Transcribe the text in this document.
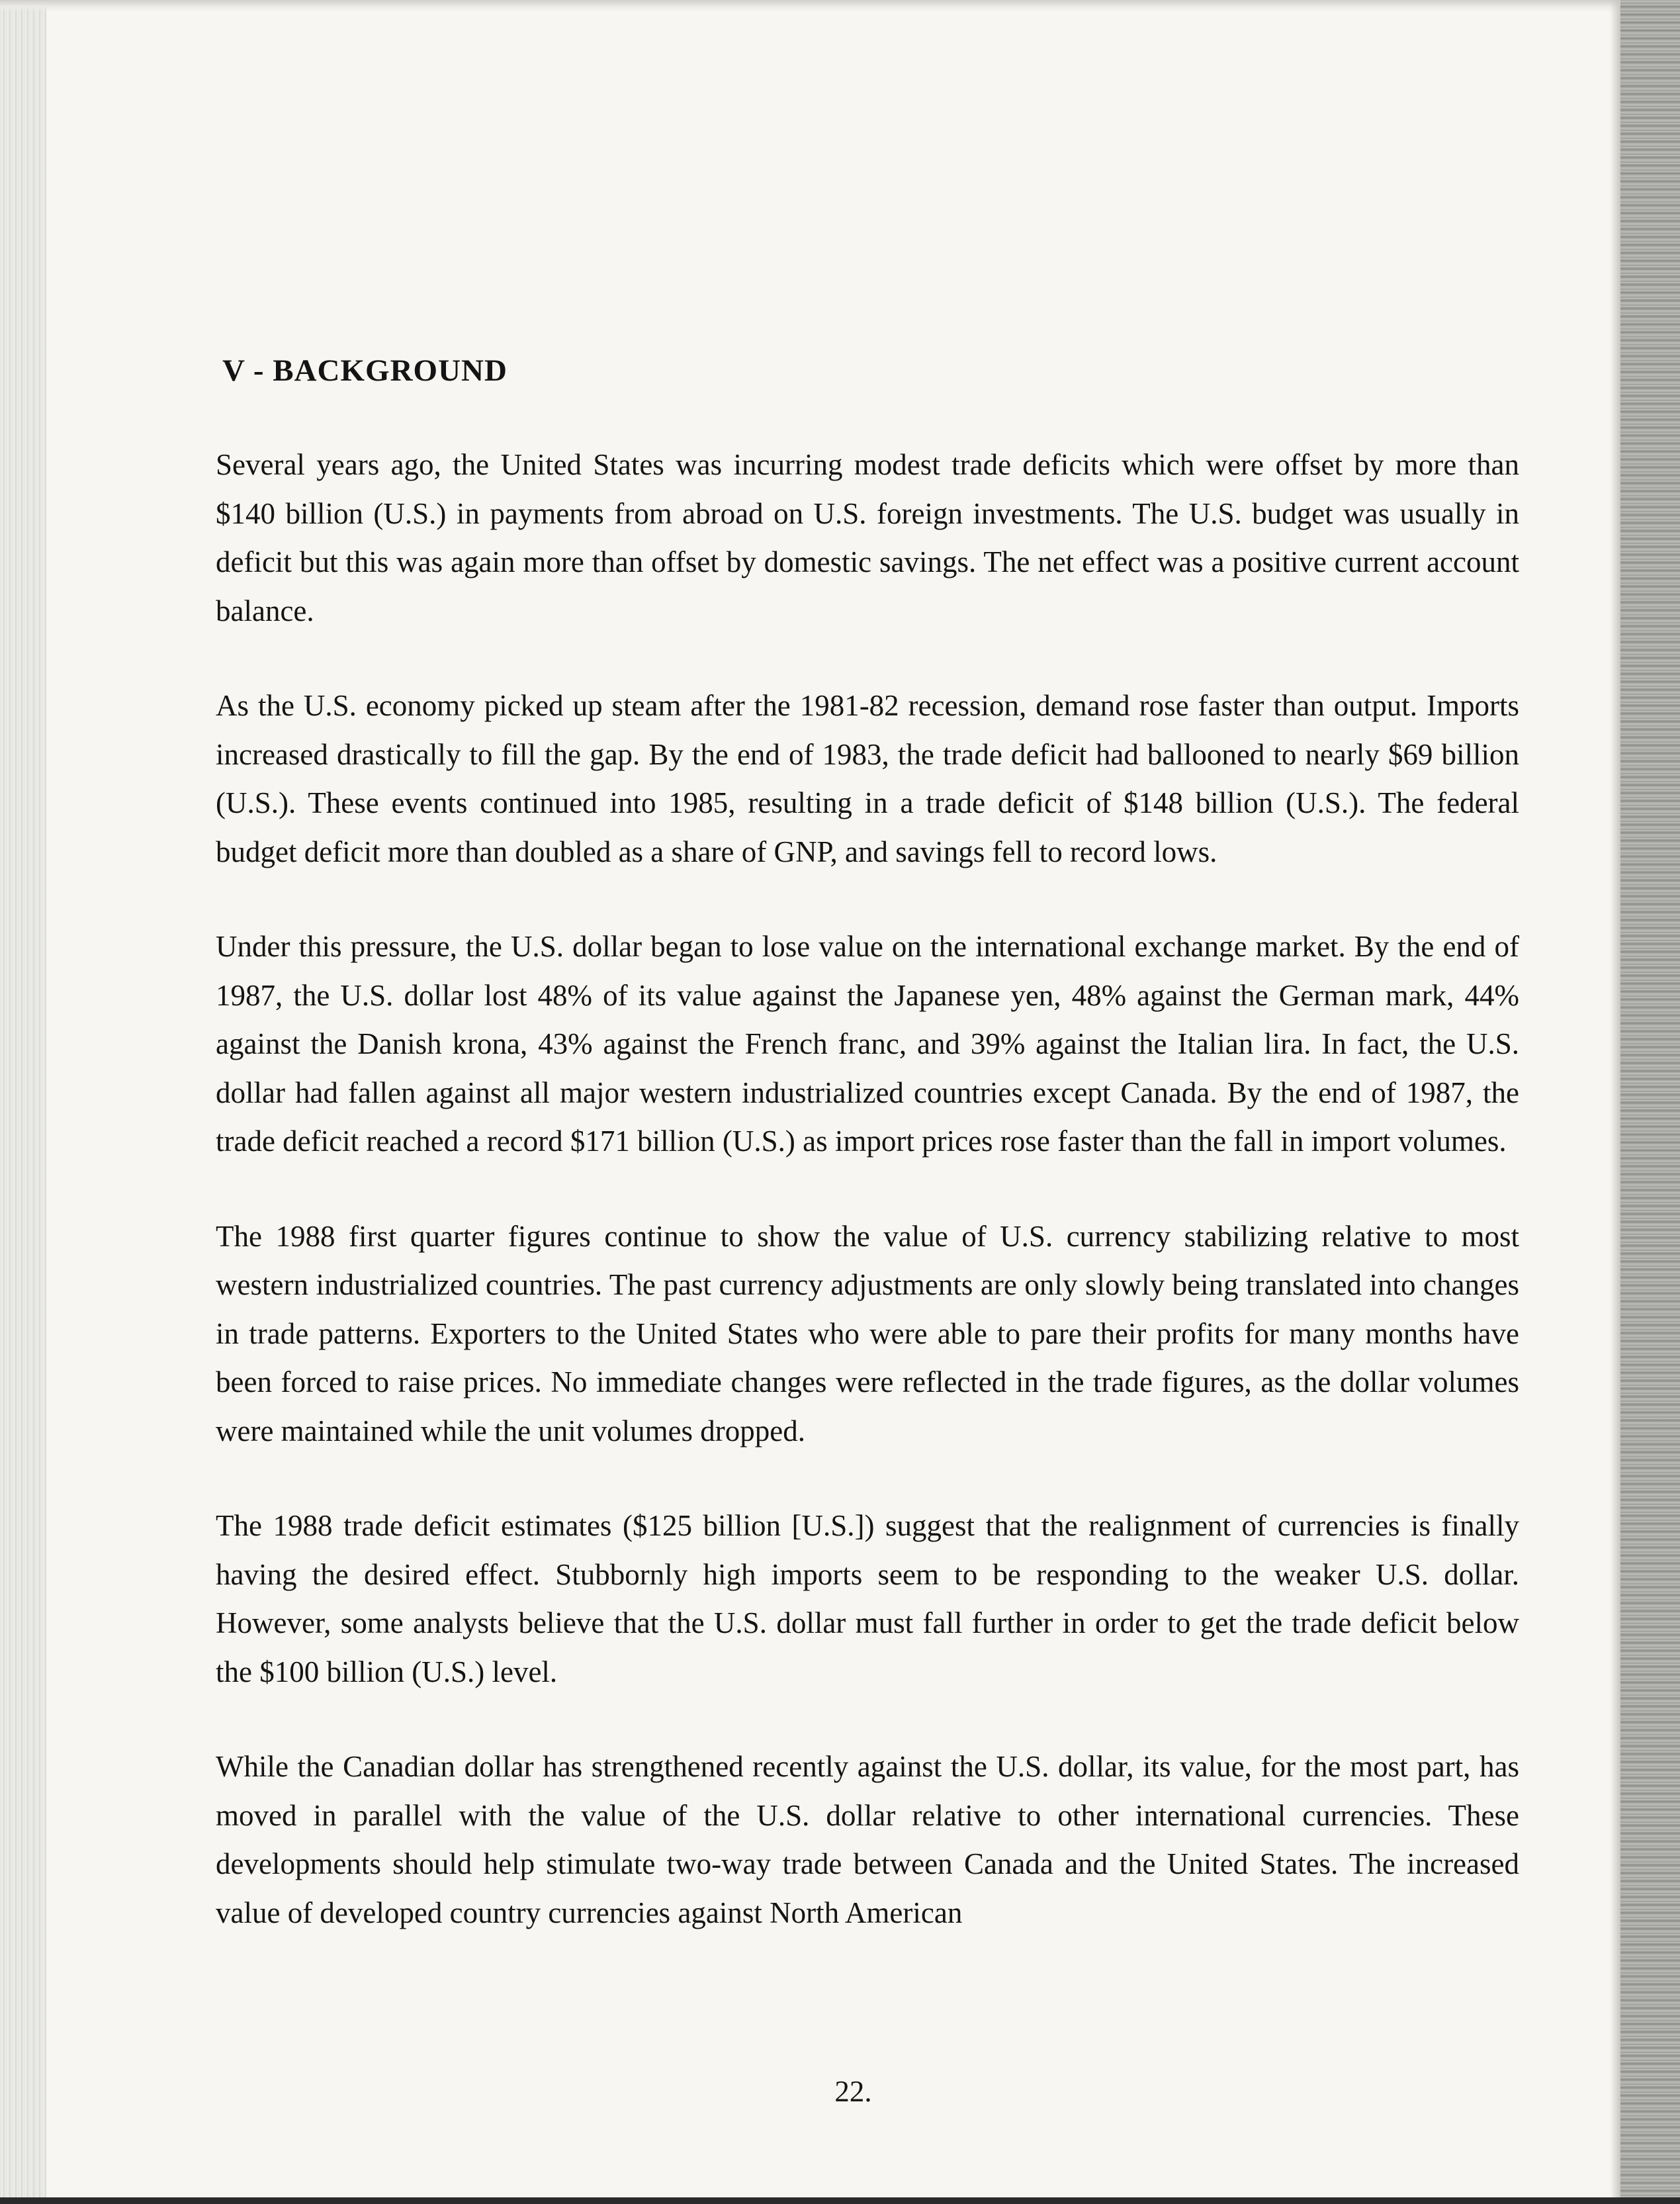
V - BACKGROUND

Several years ago, the United States was incurring modest trade deficits which were offset by more than $140 billion (U.S.) in payments from abroad on U.S. foreign investments. The U.S. budget was usually in deficit but this was again more than offset by domestic savings. The net effect was a positive current account balance.

As the U.S. economy picked up steam after the 1981-82 recession, demand rose faster than output. Imports increased drastically to fill the gap. By the end of 1983, the trade deficit had ballooned to nearly $69 billion (U.S.). These events continued into 1985, resulting in a trade deficit of $148 billion (U.S.). The federal budget deficit more than doubled as a share of GNP, and savings fell to record lows.

Under this pressure, the U.S. dollar began to lose value on the international exchange market. By the end of 1987, the U.S. dollar lost 48% of its value against the Japanese yen, 48% against the German mark, 44% against the Danish krona, 43% against the French franc, and 39% against the Italian lira. In fact, the U.S. dollar had fallen against all major western industrialized countries except Canada. By the end of 1987, the trade deficit reached a record $171 billion (U.S.) as import prices rose faster than the fall in import volumes.

The 1988 first quarter figures continue to show the value of U.S. currency stabilizing relative to most western industrialized countries. The past currency adjustments are only slowly being translated into changes in trade patterns. Exporters to the United States who were able to pare their profits for many months have been forced to raise prices. No immediate changes were reflected in the trade figures, as the dollar volumes were maintained while the unit volumes dropped.

The 1988 trade deficit estimates ($125 billion [U.S.]) suggest that the realignment of currencies is finally having the desired effect. Stubbornly high imports seem to be responding to the weaker U.S. dollar. However, some analysts believe that the U.S. dollar must fall further in order to get the trade deficit below the $100 billion (U.S.) level.

While the Canadian dollar has strengthened recently against the U.S. dollar, its value, for the most part, has moved in parallel with the value of the U.S. dollar relative to other international currencies. These developments should help stimulate two-way trade between Canada and the United States. The increased value of developed country currencies against North American

22.
